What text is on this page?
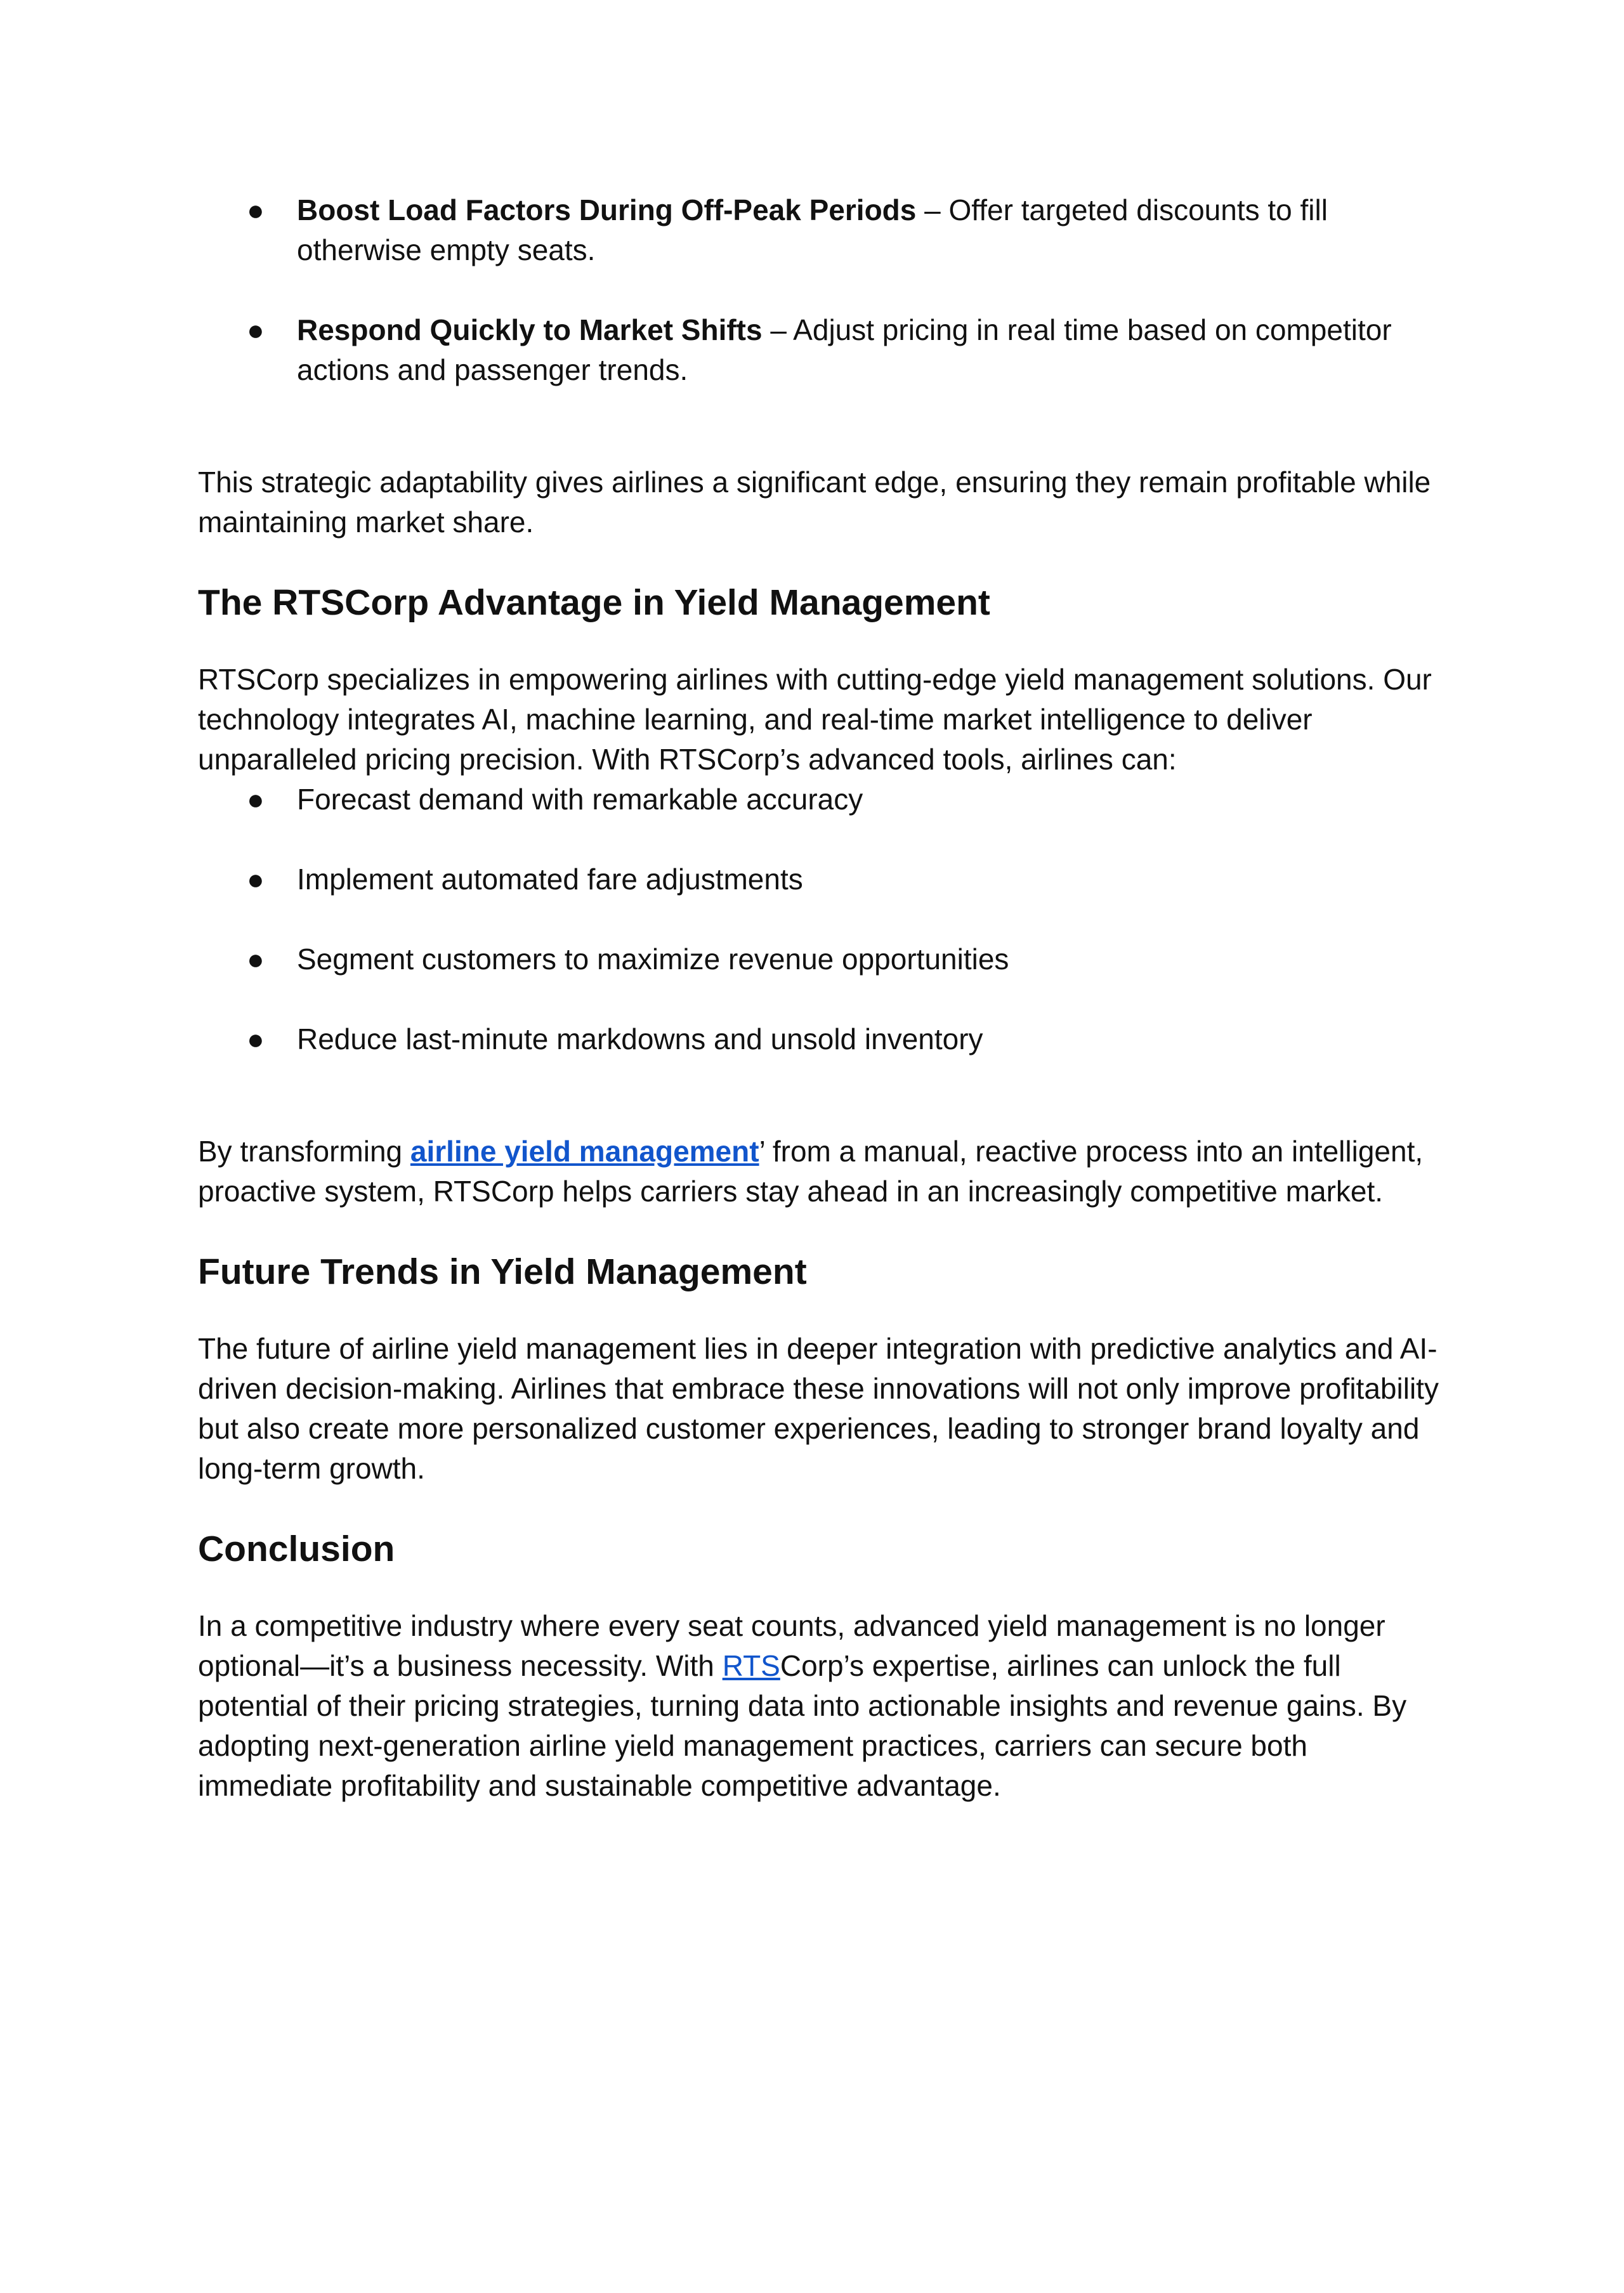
● Boost Load Factors During Off-Peak Periods – Offer targeted discounts to fill otherwise empty seats.
● Respond Quickly to Market Shifts – Adjust pricing in real time based on competitor actions and passenger trends.

This strategic adaptability gives airlines a significant edge, ensuring they remain profitable while maintaining market share.

The RTSCorp Advantage in Yield Management

RTSCorp specializes in empowering airlines with cutting-edge yield management solutions. Our technology integrates AI, machine learning, and real-time market intelligence to deliver unparalleled pricing precision. With RTSCorp’s advanced tools, airlines can:

● Forecast demand with remarkable accuracy
● Implement automated fare adjustments
● Segment customers to maximize revenue opportunities
● Reduce last-minute markdowns and unsold inventory

By transforming airline yield management’ from a manual, reactive process into an intelligent, proactive system, RTSCorp helps carriers stay ahead in an increasingly competitive market.

Future Trends in Yield Management

The future of airline yield management lies in deeper integration with predictive analytics and AI-driven decision-making. Airlines that embrace these innovations will not only improve profitability but also create more personalized customer experiences, leading to stronger brand loyalty and long-term growth.

Conclusion

In a competitive industry where every seat counts, advanced yield management is no longer optional—it’s a business necessity. With RTSCorp’s expertise, airlines can unlock the full potential of their pricing strategies, turning data into actionable insights and revenue gains. By adopting next-generation airline yield management practices, carriers can secure both immediate profitability and sustainable competitive advantage.
